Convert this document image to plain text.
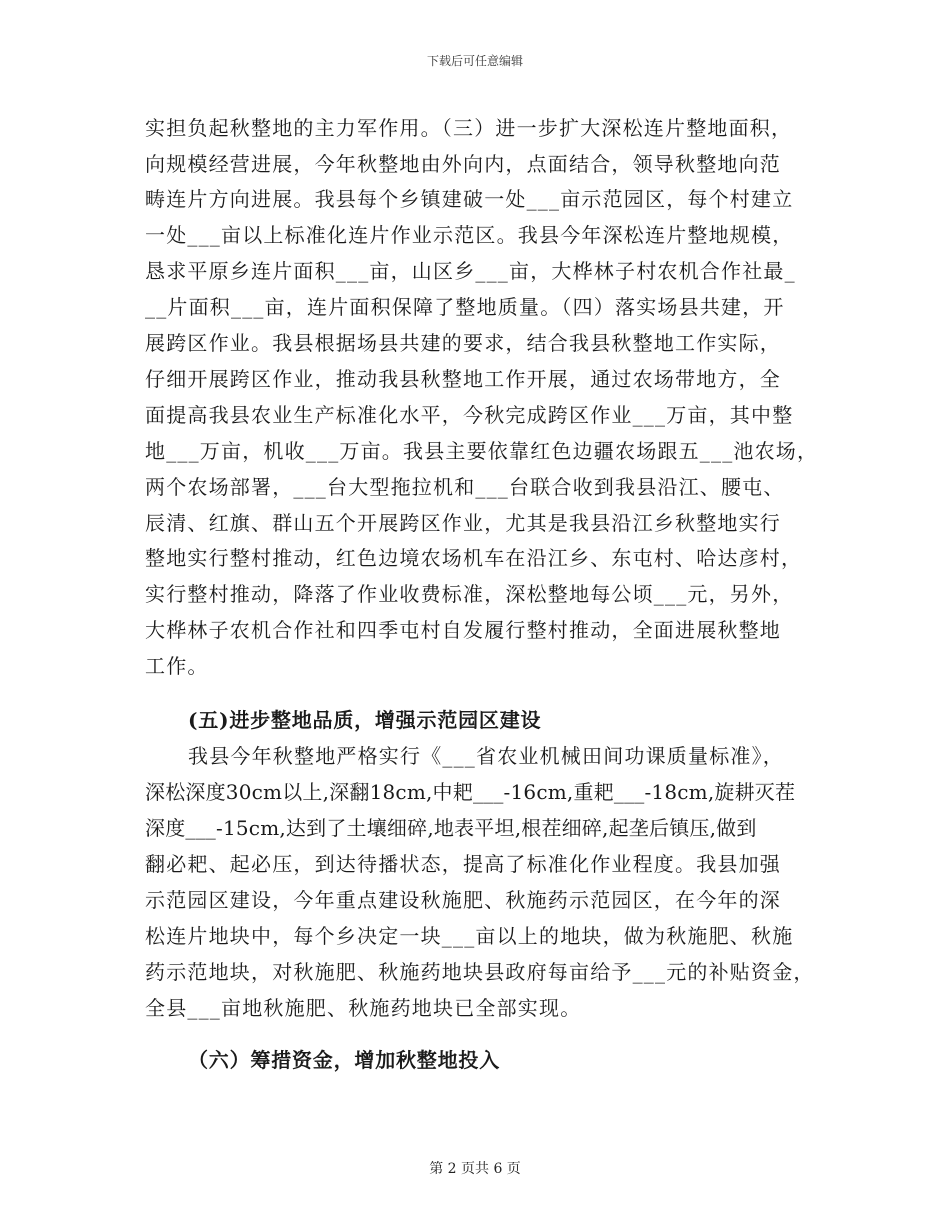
下载后可任意编辑
实担负起秋整地的主力军作用。（三）进一步扩大深松连片整地面积，
向规模经营进展，今年秋整地由外向内，点面结合，领导秋整地向范
畴连片方向进展。我县每个乡镇建破一处___亩示范园区，每个村建立
一处___亩以上标准化连片作业示范区。我县今年深松连片整地规模，
恳求平原乡连片面积___亩，山区乡___亩，大桦林子村农机合作社最_
__片面积___亩，连片面积保障了整地质量。（四）落实场县共建，开
展跨区作业。我县根据场县共建的要求，结合我县秋整地工作实际，
仔细开展跨区作业，推动我县秋整地工作开展，通过农场带地方，全
面提高我县农业生产标准化水平，今秋完成跨区作业___万亩，其中整
地___万亩，机收___万亩。我县主要依靠红色边疆农场跟五___池农场，
两个农场部署，___台大型拖拉机和___台联合收到我县沿江、腰屯、
辰清、红旗、群山五个开展跨区作业，尤其是我县沿江乡秋整地实行
整地实行整村推动，红色边境农场机车在沿江乡、东屯村、哈达彦村，
实行整村推动，降落了作业收费标准，深松整地每公顷___元，另外，
大桦林子农机合作社和四季屯村自发履行整村推动，全面进展秋整地
工作。
(五)进步整地品质，增强示范园区建设
我县今年秋整地严格实行《___省农业机械田间功课质量标准》，
深松深度30cm以上,深翻18cm,中耙___-16cm,重耙___-18cm,旋耕灭茬
深度___-15cm,达到了土壤细碎,地表平坦,根茬细碎,起垄后镇压,做到
翻必耙、起必压，到达待播状态，提高了标准化作业程度。我县加强
示范园区建设，今年重点建设秋施肥、秋施药示范园区，在今年的深
松连片地块中，每个乡决定一块___亩以上的地块，做为秋施肥、秋施
药示范地块，对秋施肥、秋施药地块县政府每亩给予___元的补贴资金，
全县___亩地秋施肥、秋施药地块已全部实现。
（六）筹措资金，增加秋整地投入
第 2 页共 6 页
